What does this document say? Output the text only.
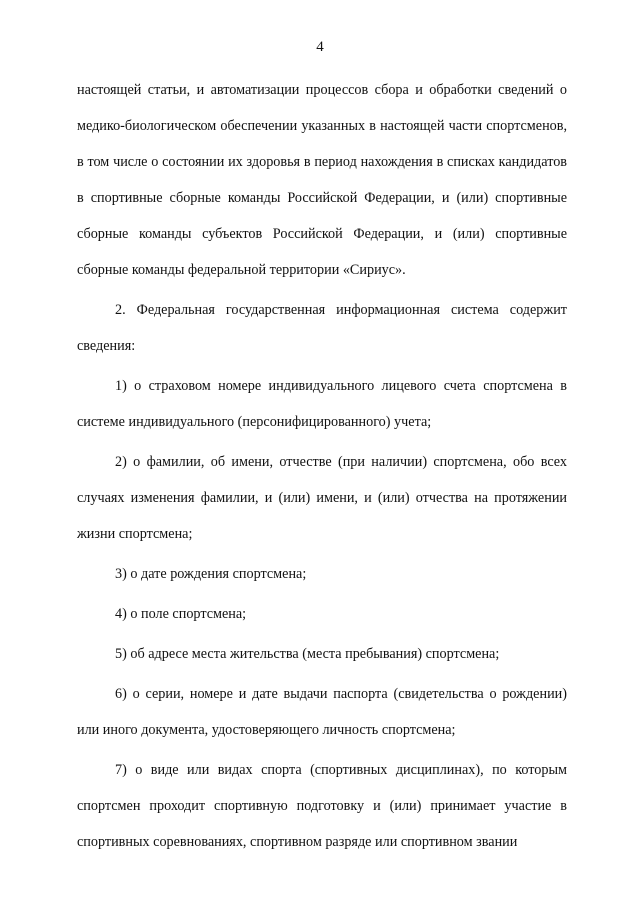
4

настоящей статьи, и автоматизации процессов сбора и обработки сведений о медико-биологическом обеспечении указанных в настоящей части спортсменов, в том числе о состоянии их здоровья в период нахождения в списках кандидатов в спортивные сборные команды Российской Федерации, и (или) спортивные сборные команды субъектов Российской Федерации, и (или) спортивные сборные команды федеральной территории «Сириус».

2. Федеральная государственная информационная система содержит сведения:

1) о страховом номере индивидуального лицевого счета спортсмена в системе индивидуального (персонифицированного) учета;

2) о фамилии, об имени, отчестве (при наличии) спортсмена, обо всех случаях изменения фамилии, и (или) имени, и (или) отчества на протяжении жизни спортсмена;

3) о дате рождения спортсмена;

4) о поле спортсмена;

5) об адресе места жительства (места пребывания) спортсмена;

6) о серии, номере и дате выдачи паспорта (свидетельства о рождении) или иного документа, удостоверяющего личность спортсмена;

7) о виде или видах спорта (спортивных дисциплинах), по которым спортсмен проходит спортивную подготовку и (или) принимает участие в спортивных соревнованиях, спортивном разряде или спортивном звании
